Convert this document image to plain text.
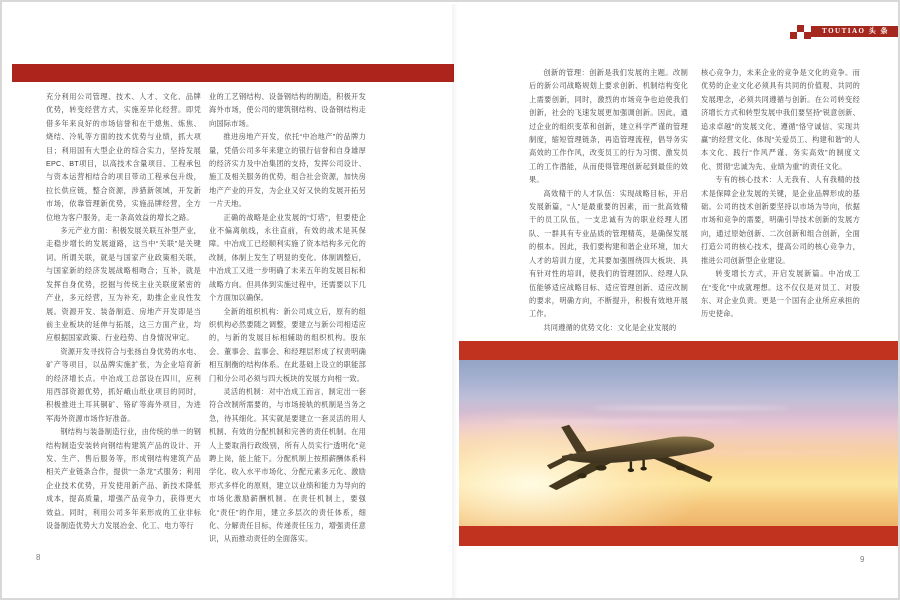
TOUTIAO 头 条

充分利用公司管理、技术、人才、文化、品牌优势，转变经营方式，实施差异化经营。即凭借多年来良好的市场信誉和在干熄焦、炼焦、烧结、冷轧等方面的技术优势与业绩，抓大项目；利用国有大型企业的综合实力，坚持发展EPC、BT项目，以高技术含量项目、工程承包与资本运营相结合的项目带动工程承包升级，拉长供应链，整合资源，涉猎新领域，开发新市场，依靠管理新优势，实施品牌经营，全方位地为客户服务，走一条高效益的增长之路。

多元产业方面：积极发展关联互补型产业，走稳步增长的发展道路，这当中“关联”是关键词。所谓关联，就是与国家产业政策相关联，与国家新的经济发展战略相吻合；互补，就是发挥自身优势，挖掘与传统主业关联度紧密的产业，多元经营，互为补充，助推企业良性发展。资源开发、装备制造、房地产开发即是当前主业板块的延伸与拓展，这三方面产业，均应根据国家政策、行业趋势、自身情况审定。

资源开发寻找符合与张扬自身优势的水电、矿产等项目，以品牌实施扩张，为企业培育新的经济增长点。中冶成工总部设在四川，应利用西部资源优势，抓好峨山纸业项目的同时，积极推进土耳其铜矿、铬矿等海外项目，为进军海外资源市场作好准备。

钢结构与装备制造行业，由传统的单一的钢结构制造安装转向钢结构建筑产品的设计、开发、生产、售后服务等，形成钢结构建筑产品相关产业链条合作，提供“一条龙”式服务；利用企业技术优势，开发使用新产品、新技术降低成本，提高质量，增强产品竞争力，获得更大效益。同时，利用公司多年来形成的工业非标设备制造优势大力发展冶金、化工、电力等行

业的工艺钢结构、设备钢结构的制造，积极开发海外市场，使公司的建筑钢结构、设备钢结构走向国际市场。

推进房地产开发，依托“中冶地产”的品牌力量，凭借公司多年来建立的银行信誉和自身雄厚的经济实力及中冶集团的支持，发挥公司设计、施工及相关服务的优势，组合社会资源，加快房地产产业的开发，为企业又好又快的发展开拓另一片天地。

正确的战略是企业发展的“灯塔”，但要使企业不偏离航线，永往直前，有效的战术是其保障。中冶成工已经顺利实施了资本结构多元化的改制，体制上发生了明显的变化。体制调整后，中冶成工又进一步明确了未来五年的发展目标和战略方向。但具体到实施过程中，还需要以下几个方面加以确保。

全新的组织机构：新公司成立后，原有的组织机构必然要随之调整，要建立与新公司相适应的，与新的发展目标相辅助的组织机构。股东会、董事会、监事会、和经理层形成了权责明确相互制衡的结构体系。在此基础上设立的职能部门和分公司必须与四大板块的发展方向相一致。

灵活的机制：对中冶成工而言，制定出一套符合改制所需要的，与市场接轨的机制是当务之急，待其细化。其实就是要建立一套灵活的用人机制、有效的分配机制和完善的责任机制。在用人上要取消行政级别，所有人员实行“透明化”竞聘上岗，能上能下。分配机制上按照薪酬体系科学化、收入水平市场化、分配元素多元化、激励形式多样化的原则，建立以业绩和能力为导向的市场化激励薪酬机制。在责任机制上，要强化“责任”的作用，建立多层次的责任体系，细化、分解责任目标，传递责任压力，增强责任意识，从而推动责任的全面落实。

创新的管理：创新是我们发展的主题。改制后的新公司战略规划上要求创新、机制结构变化上需要创新，同时，激烈的市场竞争也迫使我们创新，社会的飞速发展更加强调创新。因此，通过企业的组织变革和创新，建立科学严谨的管理制度，缩短管理链条，再造管理流程，倡导务实高效的工作作风，改变员工的行为习惯、激发员工的工作潜能，从而使得管理创新起到最佳的效果。

高效精干的人才队伍：实现战略目标，开启发展新篇，“人”是最重要的因素，而一批高效精干的员工队伍，一支忠诚有为的职业经理人团队、一群具有专业品质的管理精英，是确保发展的根本。因此，我们要构建和谐企业环境，加大人才的培训力度，尤其要加强围绕四大板块、具有针对性的培训，使我们的管理团队、经理人队伍能够适应战略目标、适应管理创新、适应改制的要求，明确方向，不断提升，积极有效地开展工作。

共同遵循的优势文化：文化是企业发展的

核心竞争力，未来企业的竞争是文化的竞争。而优势的企业文化必须具有共同的价值观、共同的发展理念，必须共同遵循与创新。在公司转变经济增长方式和转型发展中我们要坚持“锐意创新、追求卓越”的发展文化、遵循“恪守诚信、实现共赢”的经营文化、体现“关爱员工、构建和谐”的人本文化、践行“作风严谨、务实高效”的制度文化、贯彻“忠诚为先、业绩为重”的责任文化。

专有的核心技术：人无我有、人有我精的技术是保障企业发展的关键，是企业品牌形成的基础。公司的技术创新要坚持以市场为导向，依据市场和竞争的需要，明确引导技术创新的发展方向，通过原始创新、二次创新和组合创新，全面打造公司的核心技术，提高公司的核心竞争力，推进公司创新型企业建设。

转变增长方式，开启发展新篇。中冶成工在“变化”中成就理想。这不仅仅是对员工、对股东、对企业负责。更是一个国有企业所应承担的历史使命。

8	9
